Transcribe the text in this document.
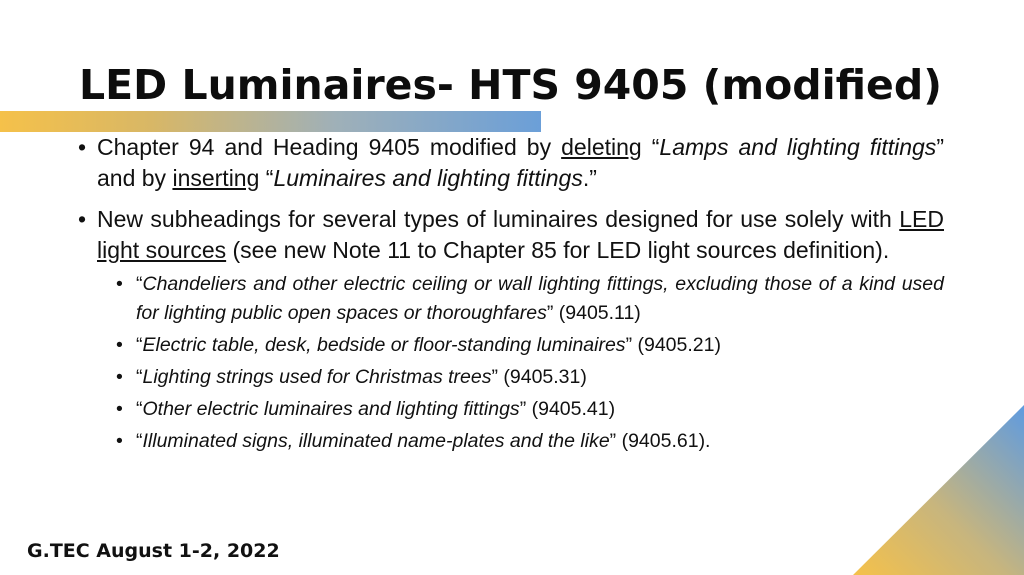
LED Luminaires- HTS 9405 (modified)
• Chapter 94 and Heading 9405 modified by deleting “Lamps and lighting fittings” and by inserting “Luminaires and lighting fittings.”
• New subheadings for several types of luminaires designed for use solely with LED light sources (see new Note 11 to Chapter 85 for LED light sources definition).
• “Chandeliers and other electric ceiling or wall lighting fittings, excluding those of a kind used for lighting public open spaces or thoroughfares” (9405.11)
• “Electric table, desk, bedside or floor-standing luminaires” (9405.21)
• “Lighting strings used for Christmas trees” (9405.31)
• “Other electric luminaires and lighting fittings” (9405.41)
• “Illuminated signs, illuminated name-plates and the like” (9405.61).
G.TEC August 1-2, 2022
